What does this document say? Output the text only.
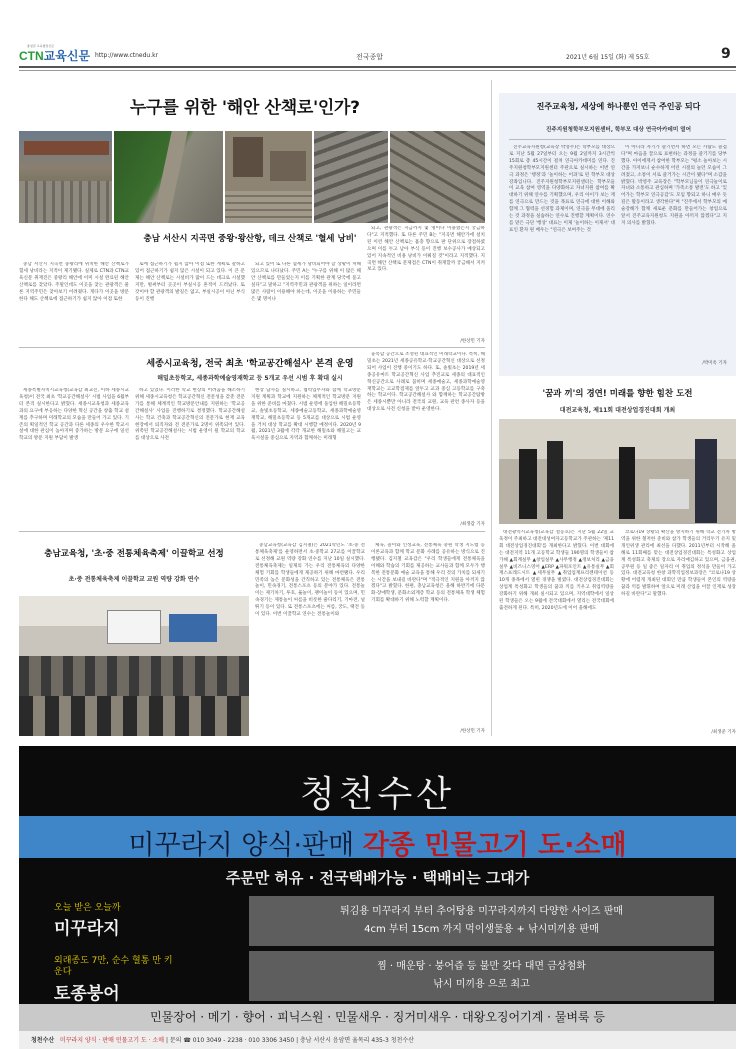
충청권 교육행정신문
CTN교육신문 http://www.ctnedu.kr	전국종합	2021년 6월 15일 (화) 제 55호	9
누구를 위한 '해안 산책로'인가?
충남 서산시 지곡면 중왕·왕산항, 데크 산책로 '혈세 낭비'

충남 서산시 지곡면 중왕리에 위치한 해안 산책로가 혈세 낭비라는 지적이 제기됐다. 실제로 CTN과 CTN교육신문 취재진은 중왕리 해안에 이미 시설 완료된 해안 산책로를 찾았다. 주말인데도 이곳을 찾는 관광객은 물론 지역주민은 찾아보기 어려웠다. 게다가 이곳을 방문한다 해도 산책로에 접근하기가 쉽지 않아 이점 또한

로에 접근하기가 쉽지 않아 이점 또한 계획로 갈하고 있어 접근하기가 쉽지 않은 시설이 되고 있다. 이 큰 문제는 해안 산책로는 시설비가 많이 드는 데크로 시설했지만, 벌써부터 곳곳이 부실시공 흔적이 드러났다. 또 갓이야 할 관광객의 발길은 없고, 부실시공이 아닌 부식 등이 진행

되고 있어 또 다른 혈세가 낭비되어야 할 상황이 처해 있으므로 나타났다. 주민 A는 "누구를 위해 이 많은 해안 산책로를 만들었는지 이를 기획한 관계 당국에 묻고 싶다"고 말하고 "지역주민과 관광객을 위하는 일이라면 많은 사람이 이용해야 하는데, 이곳을 이용하는 주민들은 몇 명이나

되고, 관광객은 지금까지 몇 명이나 이용했는지 궁금하다"고 지적했다. 또 다른 주민 B는 "지곡면 해안가에 설치된 이런 해안 산책로는 흡충 향으로 판 단위으로 장점하였으며 이를 두고 남아 부식 등이 진행 보수공사가 예상되고 있어 지속적인 비용 낭비가 이뤄질 것"이라고 지적했다. 지곡면 해안 산책로 문제점은 CTN이 취재할까 궁금해서 지켜보고 있다.

/한상민 기자
진주교육청, 세상에 하나뿐인 연극 주인공 되다
진주지원청학부모지원센터, 학부모 대상 연극아카데미 열어

진주교육지원청(교육장 박영주)은 학부모를 대상으로 지난 5월 27일부터 오는 9월 2일까지 3시간씩 15회로 총 45시간이 걸쳐 연극아카데미를 연다. 진주지원청학부모지원센터 주관으로 실시하는 이번 연극 과정은 '행정'과 '놀이하는 어과'로 된 학부모 대상 강좌입니다. 진주지원청학부모지원센터는 학부모들이 교육 참여 영역을 다양화하고 자녀지원 참여를 확대하기 위해 연수를 기획했으며, 우리 아이가 보는 재를 연극으로 만드는 것을 목표로 연극에 대한 이해와 함께 그 협력을 선경험 과제이며, 연극을 무대에 올리는 것 과정을 실습하는 연수로 진행할 계획이다. 연수를 맡은 극단 '행상' 대표는 이제 '놀이하는 이제서' 대표인 환자 원 배우는 "연극은 보여주는 것

이 아니라 자기가 즐기면서 하면 모든 사람도 즐겁다"며 마음을 끌으로 표현하는 과정을 즐기기를 당부했다. 아이에게서 참여한 학부모는 "평소 놀아보는 시간을 가져보니 순수하게 어린 시절의 놀던 모습이 그려졌고, 소통이 서로 즐거가는 시간이 됐다"며 소감을 밝혔다. 박영주 교육장은 "학부모님들이 연극놀이로 자녀와 소통하고 관심하며 '가족소통 발전'도 하고 '잊어가는 학부모 연극공감'도 모임 향되고 하니 매우 듯깊은 활동이라고 생각한다"며 "진주에서 학부모의 예술강해가 함께 새로운 문화를 만들어가는 창업으로 앞서 진주교육지원청도 지원을 아끼지 않겠다"고 지지 의사를 밝혔다.

/박미옥 기자
세종시교육청, 전국 최초 '학교공간해설사' 본격 운영
해밀초등학교, 세종과학예술영재학교 등 5개교 우선 시범 후 확대 실시

세종특별자치시교육청(교육감 최교진, 이하 세종시교육청)이 전국 최초 '학교공간해설사' 시범 사업을 6월부터 본격 실시한다고 밝혔다. 세종시교육청과 세종교육과의 요구에 부응하는 다양한 혁신 공간을 창출 학교 설계를 추구하며 미래학교의 모습을 만들어 가고 있다. 기존의 획일적인 학교 공간과 다른 세종의 우수한 학교시설에 대한 관심이 높아지며 증가하는 방문 요구에 일선 학교의 방문 지원 부담이 발생

하고 있었다. 이러한 학교 현장의 어려움을 해소하기 위해 세종시교육청은 학교공간혁신 전문성을 갖춘 전문가를 통해 체계적인 학교방문안내를 지원하는 '학교공간해설사' 사업을 진행하기로 결정했다. 학교공간해설사는 학교 건축과 학교공간혁신의 전문가로 현재 교육 현장에서 퇴직자와 전 전문가로 2명이 위촉되어 있다. 위촉된 학교공간해설사는 시범 운영이 될 학교의 학교를 대상으로 사전

현장 답사를 실시하고, 협력업무자와 함께 학교방문 지원 계획과 학교에 지원하는 체계적인 학교방문 지원을 위한 준비를 마쳤다. 시범 운영에 돌입한 해밀초등학교, 솔빛초등학교, 세종예술고등학교, 세종과학예술영재학교, 해밀초등학교 등 5개교를 대상으로 시범 운영을 거쳐 대상 학교를 확대 시행할 예정이다. 2020년 9월, 2021년 3월에 각각 개교한 해밀초와 해밀고는 교육시설을 중심으로 지역과 함께하는 미래형

융복합 공간으로 조성된 대표적인 미래학교이다. 특히, 해밀초는 2021년 세종공유학교·학교공간혁신 대상으로 선정되어 사업이 진행 중이기도 하다. 또, 솔빛초는 2019년 세종공유마트 학교공간혁신 사업 추진교로 세종의 대표적인 혁신공간으로 사례로 꼽히며 세종예술고, 세종과학예술영재학교는 고교학점제를 앞두고 교과 중심 고등학교를 구축하는 학교이다. 학교공간해설사 와 함께하는 학교공간탐방은 세종시뿐만 아니라 전국의 교원, 교육 관련 종사자 등을 대상으로 사전 신청을 받아 운영한다.

/최생갑 기자
충남교육청, '초·중 전통체육축제' 이끌학교 선정
초·중 전통체육축제 이끌학교 교원 역량 강화 연수

충남교육청(교육감 김지철)은 2021학년도 '초·중 전통체육축제'를 운영하면서 초·중학교 27교를 이끌학교로 선정해 교원 역량 강화 연수를 지난 10일 실시했다. 전통체육축제는 일제의 가는 우리 전통체육의 다양한 체험 기회를 학생들에게 제공하기 위해 마련됐다. 우리 민족의 높은 문화성을 간직하고 있는 전통체육은 전통놀이, 민속경기, 전통스포츠 등의 분야가 있다. 전통놀이는 제기차기, 투호, 윷놀이, 팽이놀이 등이 있으며, 민속경기는 제통놀이 씨름을 비롯한 줄다리기, 기마전, 널뛰기 등이 있다. 또 전통스포츠에는 씨름, 궁도, 택견 등이 있다. 이번 이끌학교 연수는 전통놀이와

체육, 놀이와 인성교육, 전통체육 충원 학생 지도법 등 이론교육과 함께 학교 문화 사례를 공유하는 방식으로 진행됐다. 김지철 교육감은 "우리 학생들에게 전통체육을 이해와 학습의 기회를 제공하는 교사들과 함께 모두가 행복한 전통문화 예술 교육을 통해 우리 것의 가치를 되새기는 시간을 보내길 바란다"며 "적극적인 지원을 아끼지 않겠다"고 밝혔다. 한편, 충남교육청은 올해 하반기에 다문화·장애학생, 문화소외계층 학교 등의 전통체육 학생 체험 기회를 확대하기 위해 노력할 계획이다.

/한상민 기자
'꿈과 끼'의 경연! 미래를 향한 힘찬 도전
대전교육청, 제11회 대전상업경진대회 개최

대전광역시교육청(교육감 설동호)은 지난 5월 22일 교육정이 주최하고 대전대성여자고등학교가 주관하는 '제11회 대전상업경진대회'를 개최한다고 밝혔다. 이번 대회에는 대전지역 11개 고등학교 학생들 190명의 학생들이 참가해 ▲회계실무 ▲창업실무 ▲사무행정 ▲정보처리 ▲금융실무 ▲비즈니스영어 ▲ERP ▲파워포인트 ▲유통실무 ▲회계스프레드시트 ▲세무실무 ▲취업업계프리젠테이션 등 10개 종목에서 열띤 경쟁을 벌였다. 대전상업경진대회는 상업계 특성화고 학생들의 꿈과 끼를 키우고 취업역량을 강화하기 위해 개최 실시되고 있으며, 지역대학에서 일상된 학생들은 오는 9월에 전국대회에서 열리는 전국대회에 출전하게 된다. 특히, 2020년도에 이어 올해에도

코로나19 상황의 확산을 방지하기 위해 학교 전기차 방역을 위한 철저한 준비와 참가 학생들의 거리두기 유지 및 개인위생 관리에 최선을 다했다. 2011년부터 시작해 올해로 11회째를 맞는 대전상업경진대회는 특성화고 상업계 특성화고 축제의 장으로 자리매김하고 있으며, 금융권, 공무원 등 일 좋은 일자리 이 취업의 정석을 만들어 가고 있다. 대전교육청 한창 과학직업정보과장은 "코로나19 상황에 어렵게 개최된 대회인 만큼 학생들이 본인의 역량을 꿈과 끼를 발휘하여 앞으로 미래 산업을 이끌 인재로 성장하길 바란다"고 말했다.

/최생준 기자
청천수산
미꾸라지 양식·판매 각종 민물고기 도·소매
주문만 허유 · 전국택배가능 · 택배비는 그대가
오늘 받은 오늘까
미꾸라지
튀김용 미꾸라지 부터 추어탕용 미꾸라지까지 다양한 사이즈 판매
4cm 부터 15cm 까지 먹이생물용 + 낚시미끼용 판매
외래종도 7만, 순수 혈통 만 키운다
토종붕어
찜 · 매운탕 · 붕어즙 등 불만 갖다 대면 금상첨화
낚시 미끼용 으로 최고
민물장어 · 메기 · 향어 · 피닉스원 · 민물새우 · 징거미새우 · 대왕오징어기계 · 물벼룩 등
청천수산 미꾸라지 양식 · 판매 민물고기 도 · 소매 | 문의 ☎ 010 3049 - 2238 · 010 3306 3450 | 충남 서산시 음암면 율목리 435-3 청천수산
